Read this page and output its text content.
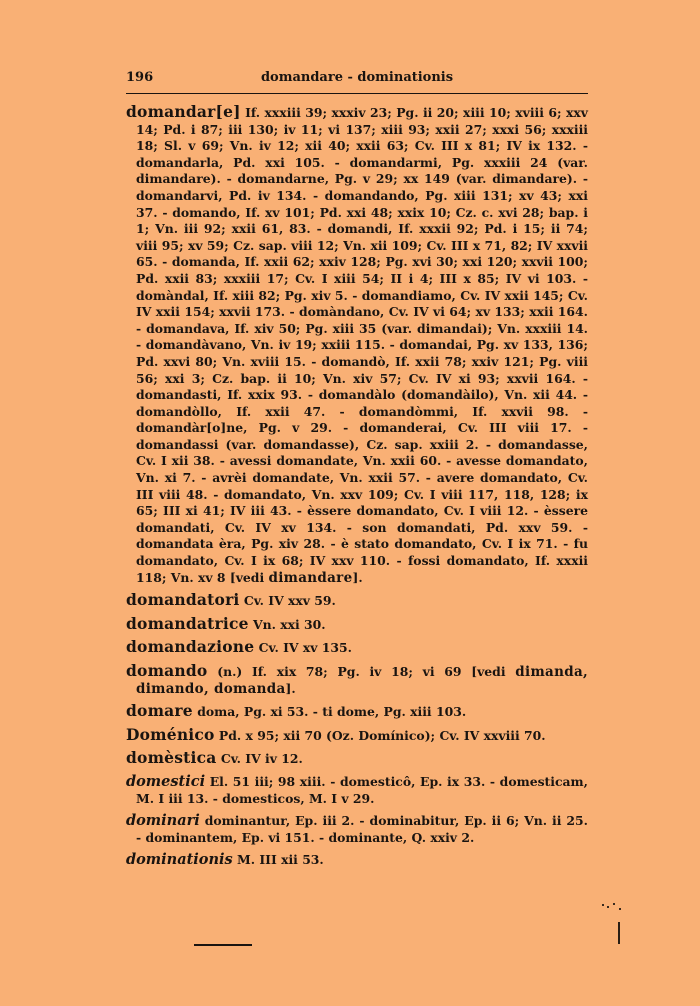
196	domandare - dominationis

domandar[e] If. xxxiii 39; xxxiv 23; Pg. ii 20; xiii 10; xviii 6; xxv 14; Pd. i 87; iii 130; iv 11; vi 137; xiii 93; xxii 27; xxxi 56; xxxiii 18; Sl. v 69; Vn. iv 12; xii 40; xxii 63; Cv. III x 81; IV ix 132. - domandarla, Pd. xxi 105. - domandarmi, Pg. xxxiii 24 (var. dimandare). - domandarne, Pg. v 29; xx 149 (var. dimandare). - domandarvi, Pd. iv 134. - domandando, Pg. xiii 131; xv 43; xxi 37. - domando, If. xv 101; Pd. xxi 48; xxix 10; Cz. c. xvi 28; bap. i 1; Vn. iii 92; xxii 61, 83. - domandi, If. xxxii 92; Pd. i 15; ii 74; viii 95; xv 59; Cz. sap. viii 12; Vn. xii 109; Cv. III x 71, 82; IV xxvii 65. - domanda, If. xxii 62; xxiv 128; Pg. xvi 30; xxi 120; xxvii 100; Pd. xxii 83; xxxiii 17; Cv. I xiii 54; II i 4; III x 85; IV vi 103. - domàndal, If. xiii 82; Pg. xiv 5. - domandiamo, Cv. IV xxii 145; Cv. IV xxii 154; xxvii 173. - domàndano, Cv. IV vi 64; xv 133; xxii 164. - domandava, If. xiv 50; Pg. xiii 35 (var. dimandai); Vn. xxxiii 14. - domandàvano, Vn. iv 19; xxiii 115. - domandai, Pg. xv 133, 136; Pd. xxvi 80; Vn. xviii 15. - domandò, If. xxii 78; xxiv 121; Pg. viii 56; xxi 3; Cz. bap. ii 10; Vn. xiv 57; Cv. IV xi 93; xxvii 164. - domandasti, If. xxix 93. - domandàlo (domandàilo), Vn. xii 44. - domandòllo, If. xxii 47. - domandòmmi, If. xxvii 98. - domandàr[o]ne, Pg. v 29. - domanderai, Cv. III viii 17. - domandassi (var. domandasse), Cz. sap. xxiii 2. - domandasse, Cv. I xii 38. - avessi domandate, Vn. xxii 60. - avesse domandato, Vn. xi 7. - avrèi domandate, Vn. xxii 57. - avere domandato, Cv. III viii 48. - domandato, Vn. xxv 109; Cv. I viii 117, 118, 128; ix 65; III xi 41; IV iii 43. - èssere domandato, Cv. I viii 12. - èssere domandati, Cv. IV xv 134. - son domandati, Pd. xxv 59. - domandata èra, Pg. xiv 28. - è stato domandato, Cv. I ix 71. - fu domandato, Cv. I ix 68; IV xxv 110. - fossi domandato, If. xxxii 118; Vn. xv 8 [vedi dimandare].

domandatori Cv. IV xxv 59.

domandatrice Vn. xxi 30.

domandazione Cv. IV xv 135.

domando (n.) If. xix 78; Pg. iv 18; vi 69 [vedi dimanda, dimando, domanda].

domare doma, Pg. xi 53. - ti dome, Pg. xiii 103.

Doménico Pd. x 95; xii 70 (Oz. Domínico); Cv. IV xxviii 70.

domèstica Cv. IV iv 12.

domestici El. 51 iii; 98 xiii. - domesticô, Ep. ix 33. - domesticam, M. I iii 13. - domesticos, M. I v 29.

dominari dominantur, Ep. iii 2. - dominabitur, Ep. ii 6; Vn. ii 25. - dominantem, Ep. vi 151. - dominante, Q. xxiv 2.

dominationis M. III xii 53.
